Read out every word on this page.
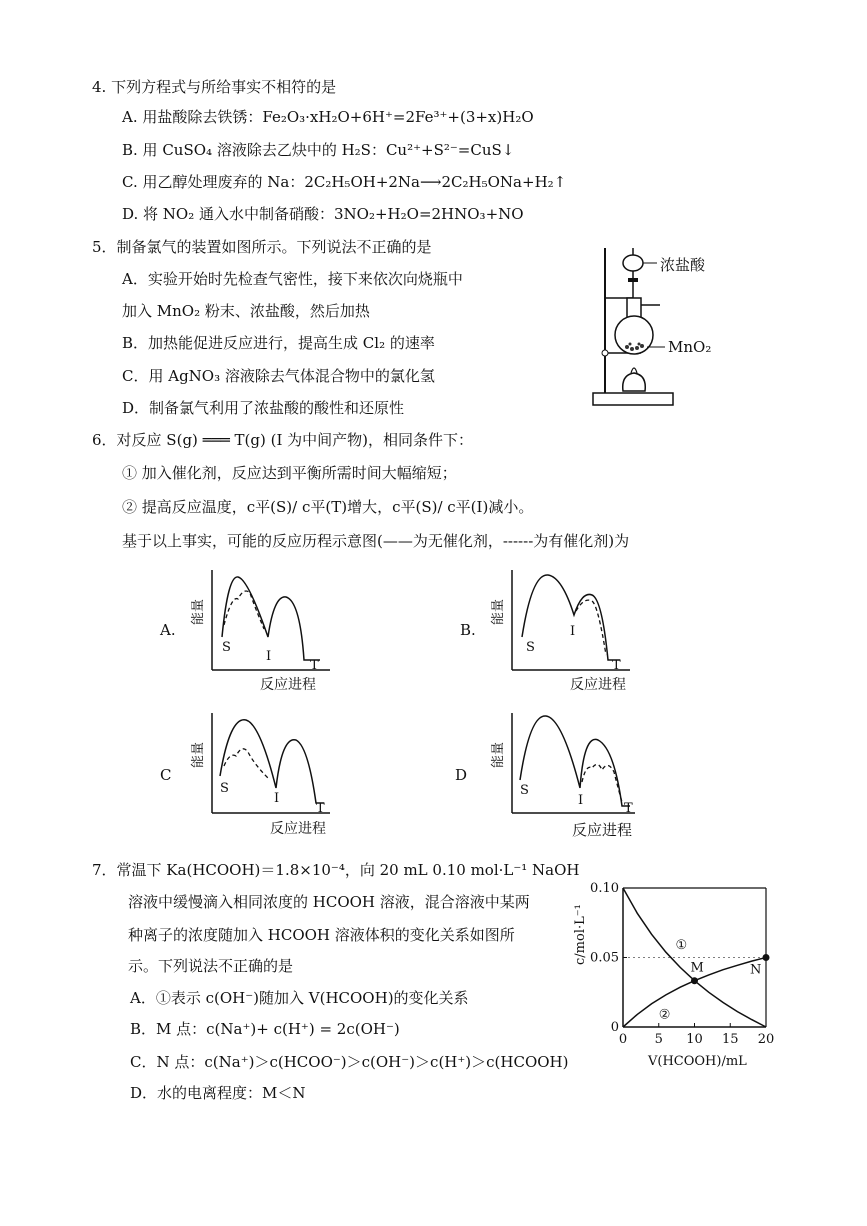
4. 下列方程式与所给事实不相符的是
A. 用盐酸除去铁锈：Fe₂O₃·xH₂O+6H⁺=2Fe³⁺+(3+x)H₂O
B. 用 CuSO₄ 溶液除去乙炔中的 H₂S：Cu²⁺+S²⁻=CuS↓
C. 用乙醇处理废弃的 Na：2C₂H₅OH+2Na⟶2C₂H₅ONa+H₂↑
D. 将 NO₂ 通入水中制备硝酸：3NO₂+H₂O=2HNO₃+NO
5．制备氯气的装置如图所示。下列说法不正确的是
A．实验开始时先检查气密性，接下来依次向烧瓶中
加入 MnO₂ 粉末、浓盐酸，然后加热
B．加热能促进反应进行，提高生成 Cl₂ 的速率
C．用 AgNO₃ 溶液除去气体混合物中的氯化氢
D．制备氯气利用了浓盐酸的酸性和还原性
浓盐酸
MnO₂
6．对反应 S(g) ═══ T(g) (I 为中间产物)，相同条件下：
① 加入催化剂，反应达到平衡所需时间大幅缩短；
② 提高反应温度，c平(S)/ c平(T)增大，c平(S)/ c平(I)减小。
基于以上事实，可能的反应历程示意图(——为无催化剂，------为有催化剂)为
A.	B.
C	D
能量
S
I
T
反应进程
能量
S
I
T
反应进程
能量
S
I
T
反应进程
能量
S
I
T
反应进程
7．常温下 Ka(HCOOH)＝1.8×10⁻⁴，向 20 mL 0.10 mol·L⁻¹ NaOH
溶液中缓慢滴入相同浓度的 HCOOH 溶液，混合溶液中某两
种离子的浓度随加入 HCOOH 溶液体积的变化关系如图所
示。下列说法不正确的是
A．①表示 c(OH⁻)随加入 V(HCOOH)的变化关系
B．M 点：c(Na⁺)+ c(H⁺) = 2c(OH⁻)
C．N 点：c(Na⁺)＞c(HCOO⁻)＞c(OH⁻)＞c(H⁺)＞c(HCOOH)
D．水的电离程度：M＜N
0 5 10 15 20
0
0.05
0.10
①
②
M	N
c/mol·L⁻¹
V(HCOOH)/mL
